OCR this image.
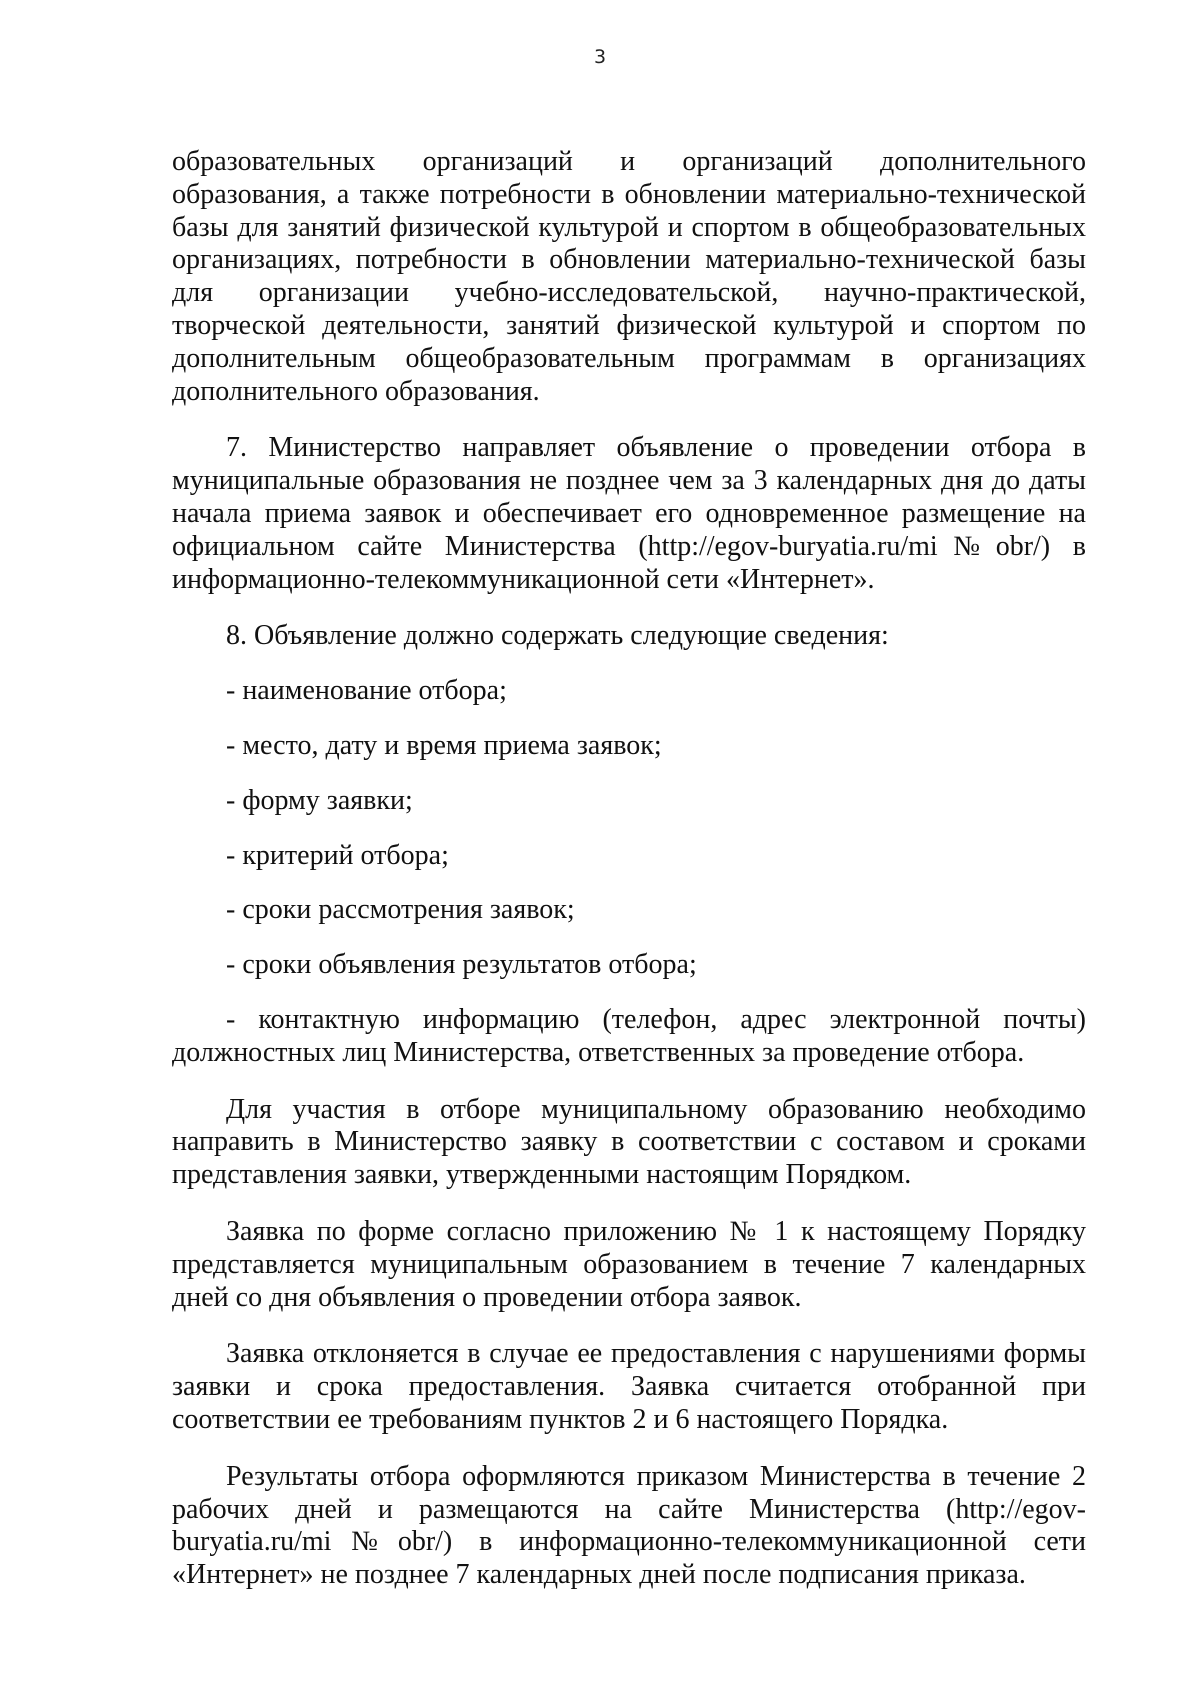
3

образовательных организаций и организаций дополнительного образования, а также потребности в обновлении материально-технической базы для занятий физической культурой и спортом в общеобразовательных организациях, потребности в обновлении материально-технической базы для организации учебно-исследовательской, научно-практической, творческой деятельности, занятий физической культурой и спортом по дополнительным общеобразовательным программам в организациях дополнительного образования.

7. Министерство направляет объявление о проведении отбора в муниципальные образования не позднее чем за 3 календарных дня до даты начала приема заявок и обеспечивает его одновременное размещение на официальном сайте Министерства (http://egov-buryatia.ru/mi№obr/) в информационно-телекоммуникационной сети «Интернет».

8. Объявление должно содержать следующие сведения:

- наименование отбора;

- место, дату и время приема заявок;

- форму заявки;

- критерий отбора;

- сроки рассмотрения заявок;

- сроки объявления результатов отбора;

- контактную информацию (телефон, адрес электронной почты) должностных лиц Министерства, ответственных за проведение отбора.

Для участия в отборе муниципальному образованию необходимо направить в Министерство заявку в соответствии с составом и сроками представления заявки, утвержденными настоящим Порядком.

Заявка по форме согласно приложению № 1 к настоящему Порядку представляется муниципальным образованием в течение 7 календарных дней со дня объявления о проведении отбора заявок.

Заявка отклоняется в случае ее предоставления с нарушениями формы заявки и срока предоставления. Заявка считается отобранной при соответствии ее требованиям пунктов 2 и 6 настоящего Порядка.

Результаты отбора оформляются приказом Министерства в течение 2 рабочих дней и размещаются на сайте Министерства (http://egov-buryatia.ru/mi№obr/) в информационно-телекоммуникационной сети «Интернет» не позднее 7 календарных дней после подписания приказа.
